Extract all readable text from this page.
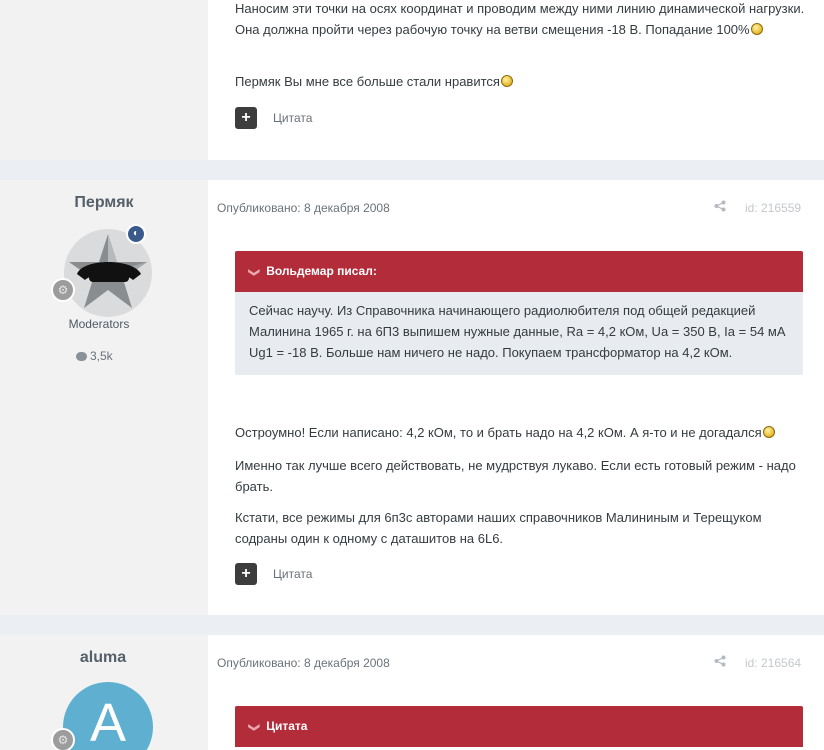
Наносим эти точки на осях координат и проводим между ними линию динамической нагрузки. Она должна пройти через рабочую точку на ветви смещения -18 В. Попадание 100%
Пермяк Вы мне все больше стали нравится
+	Цитата
Пермяк
⚙
◐
Moderators
3,5k
Опубликовано: 8 декабря 2008	id: 216559
❯ Вольдемар писал:
Сейчас научу. Из Справочника начинающего радиолюбителя под общей редакцией Малинина 1965 г. на 6П3 выпишем нужные данные, Ra = 4,2 кОм, Ua = 350 В, Ia = 54 мА Ug1 = -18 В. Больше нам ничего не надо. Покупаем трансформатор на 4,2 кОм.
Остроумно! Если написано: 4,2 кОм, то и брать надо на 4,2 кОм. А я-то и не догадался
Именно так лучше всего действовать, не мудрствуя лукаво. Если есть готовый режим - надо брать.
Кстати, все режимы для 6п3с авторами наших справочников Малининым и Терещуком содраны один к одному с даташитов на 6L6.
+	Цитата
aluma
A
⚙
Опубликовано: 8 декабря 2008	id: 216564
❯ Цитата
